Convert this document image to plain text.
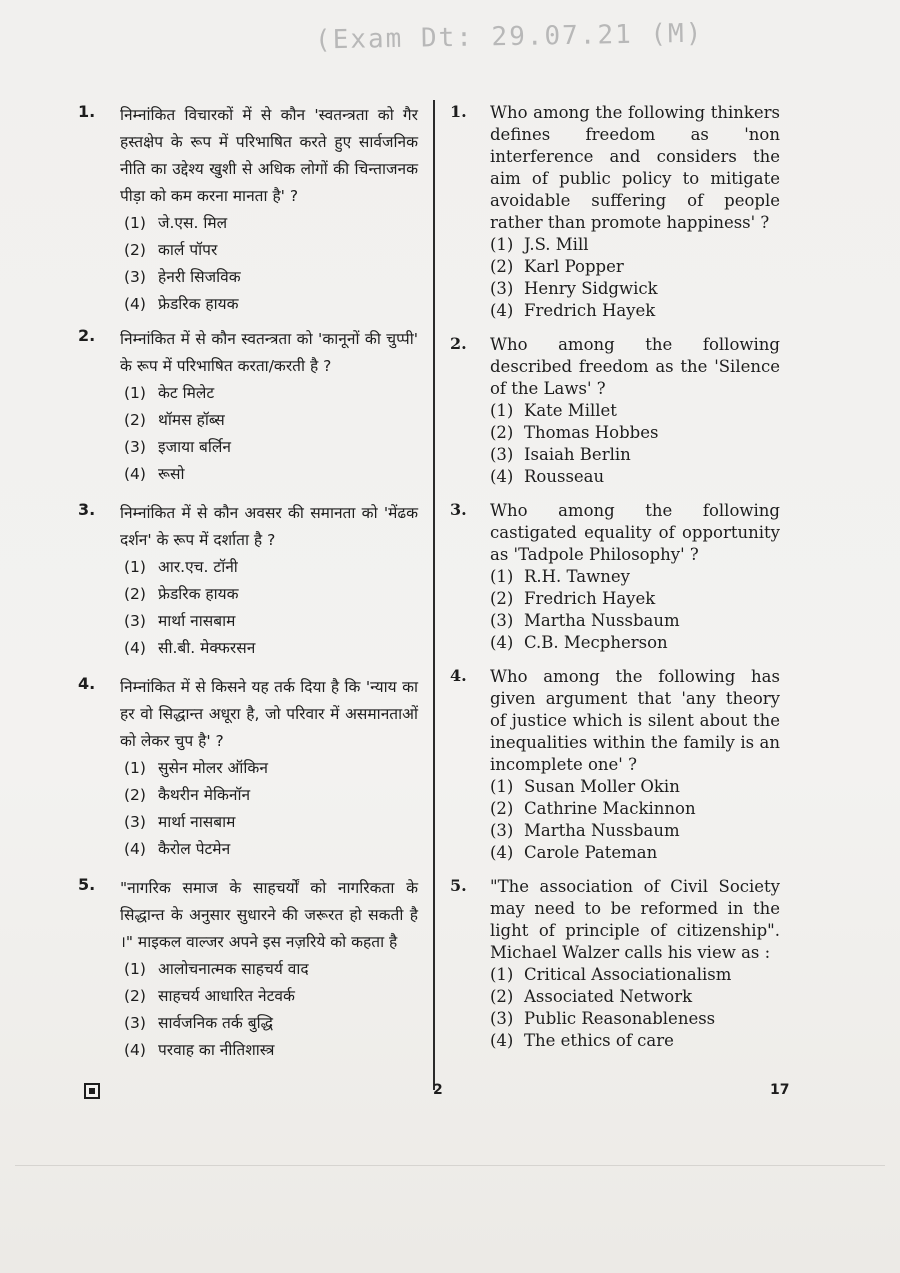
(Exam Dt: 29.07.21 (M)
1. निम्नांकित विचारकों में से कौन 'स्वतन्त्रता को गैर हस्तक्षेप के रूप में परिभाषित करते हुए सार्वजनिक नीति का उद्देश्य खुशी से अधिक लोगों की चिन्ताजनक पीड़ा को कम करना मानता है' ?
(1) जे.एस. मिल
(2) कार्ल पॉपर
(3) हेनरी सिजविक
(4) फ्रेडरिक हायक
2. निम्नांकित में से कौन स्वतन्त्रता को 'कानूनों की चुप्पी' के रूप में परिभाषित करता/करती है ?
(1) केट मिलेट
(2) थॉमस हॉब्स
(3) इजाया बर्लिन
(4) रूसो
3. निम्नांकित में से कौन अवसर की समानता को 'मेंढक दर्शन' के रूप में दर्शाता है ?
(1) आर.एच. टॉनी
(2) फ्रेडरिक हायक
(3) मार्था नासबाम
(4) सी.बी. मेक्फरसन
4. निम्नांकित में से किसने यह तर्क दिया है कि 'न्याय का हर वो सिद्धान्त अधूरा है, जो परिवार में असमानताओं को लेकर चुप है' ?
(1) सुसेन मोलर ऑकिन
(2) कैथरीन मेकिनॉन
(3) मार्था नासबाम
(4) कैरोल पेटमेन
5. "नागरिक समाज के साहचर्यों को नागरिकता के सिद्धान्त के अनुसार सुधारने की जरूरत हो सकती है ।" माइकल वाल्जर अपने इस नज़रिये को कहता है
(1) आलोचनात्मक साहचर्य वाद
(2) साहचर्य आधारित नेटवर्क
(3) सार्वजनिक तर्क बुद्धि
(4) परवाह का नीतिशास्त्र
1. Who among the following thinkers defines freedom as 'non interference and considers the aim of public policy to mitigate avoidable suffering of people rather than promote happiness' ?
(1) J.S. Mill
(2) Karl Popper
(3) Henry Sidgwick
(4) Fredrich Hayek
2. Who among the following described freedom as the 'Silence of the Laws' ?
(1) Kate Millet
(2) Thomas Hobbes
(3) Isaiah Berlin
(4) Rousseau
3. Who among the following castigated equality of opportunity as 'Tadpole Philosophy' ?
(1) R.H. Tawney
(2) Fredrich Hayek
(3) Martha Nussbaum
(4) C.B. Mecpherson
4. Who among the following has given argument that 'any theory of justice which is silent about the inequalities within the family is an incomplete one' ?
(1) Susan Moller Okin
(2) Cathrine Mackinnon
(3) Martha Nussbaum
(4) Carole Pateman
5. "The association of Civil Society may need to be reformed in the light of principle of citizenship". Michael Walzer calls his view as :
(1) Critical Associationalism
(2) Associated Network
(3) Public Reasonableness
(4) The ethics of care
2	17
